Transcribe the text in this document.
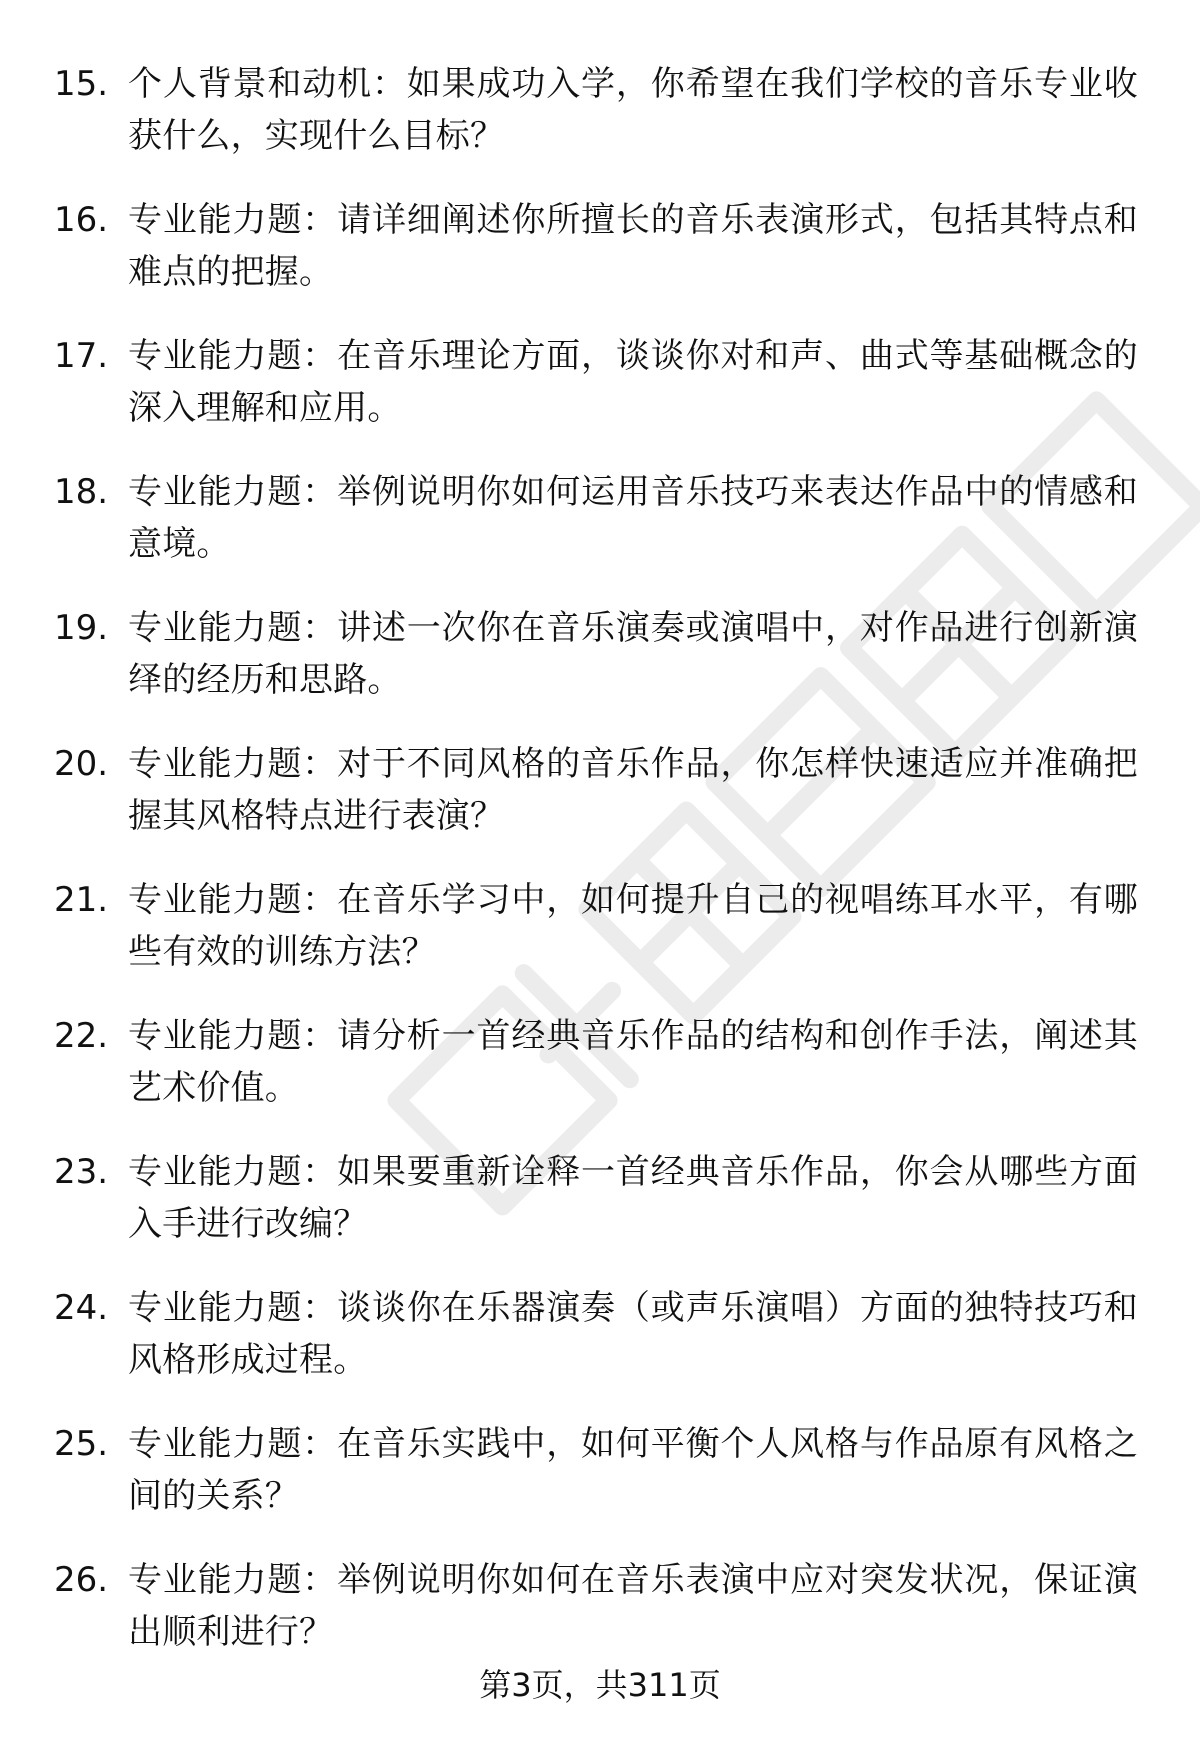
15. 个人背景和动机：如果成功入学，你希望在我们学校的音乐专业收获什么，实现什么目标？
16. 专业能力题：请详细阐述你所擅长的音乐表演形式，包括其特点和难点的把握。
17. 专业能力题：在音乐理论方面，谈谈你对和声、曲式等基础概念的深入理解和应用。
18. 专业能力题：举例说明你如何运用音乐技巧来表达作品中的情感和意境。
19. 专业能力题：讲述一次你在音乐演奏或演唱中，对作品进行创新演绎的经历和思路。
20. 专业能力题：对于不同风格的音乐作品，你怎样快速适应并准确把握其风格特点进行表演？
21. 专业能力题：在音乐学习中，如何提升自己的视唱练耳水平，有哪些有效的训练方法？
22. 专业能力题：请分析一首经典音乐作品的结构和创作手法，阐述其艺术价值。
23. 专业能力题：如果要重新诠释一首经典音乐作品，你会从哪些方面入手进行改编？
24. 专业能力题：谈谈你在乐器演奏（或声乐演唱）方面的独特技巧和风格形成过程。
25. 专业能力题：在音乐实践中，如何平衡个人风格与作品原有风格之间的关系？
26. 专业能力题：举例说明你如何在音乐表演中应对突发状况，保证演出顺利进行？
第3页，共311页
